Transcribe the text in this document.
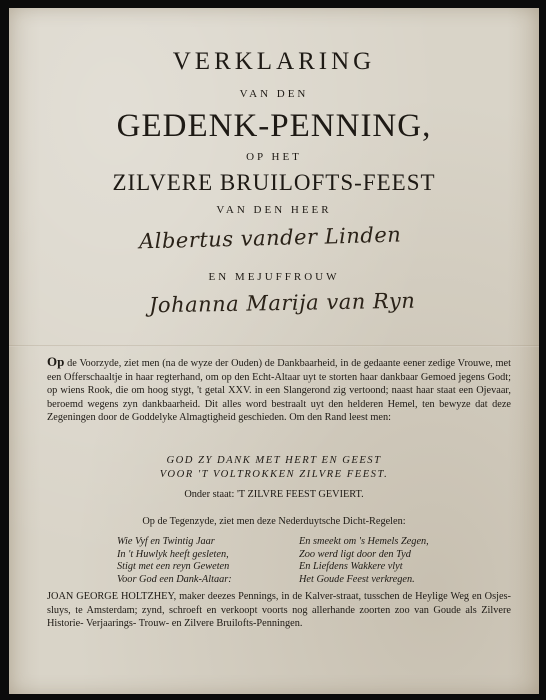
VERKLARING
VAN DEN
GEDENK-PENNING,
OP HET
ZILVERE BRUILOFTS-FEEST
VAN DEN HEER
Albertus vander Linden
EN MEJUFFROUW
Johanna Marija van Ryn
Op de Voorzyde, ziet men (na de wyze der Ouden) de Dankbaarheid, in de gedaante eener zedige Vrouwe, met een Offerschaaltje in haar regterhand, om op den Echt-Altaar uyt te storten haar dankbaar Gemoed jegens Godt; op wiens Rook, die om hoog stygt, 't getal XXV. in een Slangerond zig vertoond; naast haar staat een Ojevaar, beroemd wegens zyn dankbaarheid. Dit alles word bestraalt uyt den helderen Hemel, ten bewyze dat deze Zegeningen door de Goddelyke Almagtigheid geschieden. Om den Rand leest men:
GOD ZY DANK MET HERT EN GEEST
VOOR 'T VOLTROKKEN ZILVRE FEEST.
Onder staat: 'T ZILVRE FEEST GEVIERT.
Op de Tegenzyde, ziet men deze Nederduytsche Dicht-Regelen:
Wie Vyf en Twintig Jaar
In 't Huwlyk heeft gesleten,
Stigt met een reyn Geweten
Voor God een Dank-Altaar:
En smeekt om 's Hemels Zegen,
Zoo werd ligt door den Tyd
En Liefdens Wakkere vlyt
Het Goude Feest verkregen.
JOAN GEORGE HOLTZHEY, maker deezes Pennings, in de Kalver-straat, tusschen de Heylige Weg en Osjes-sluys, te Amsterdam; zynd, schroeft en verkoopt voorts nog allerhande zoorten zoo van Goude als Zilvere Historie- Verjaarings- Trouw- en Zilvere Bruilofts-Penningen.
